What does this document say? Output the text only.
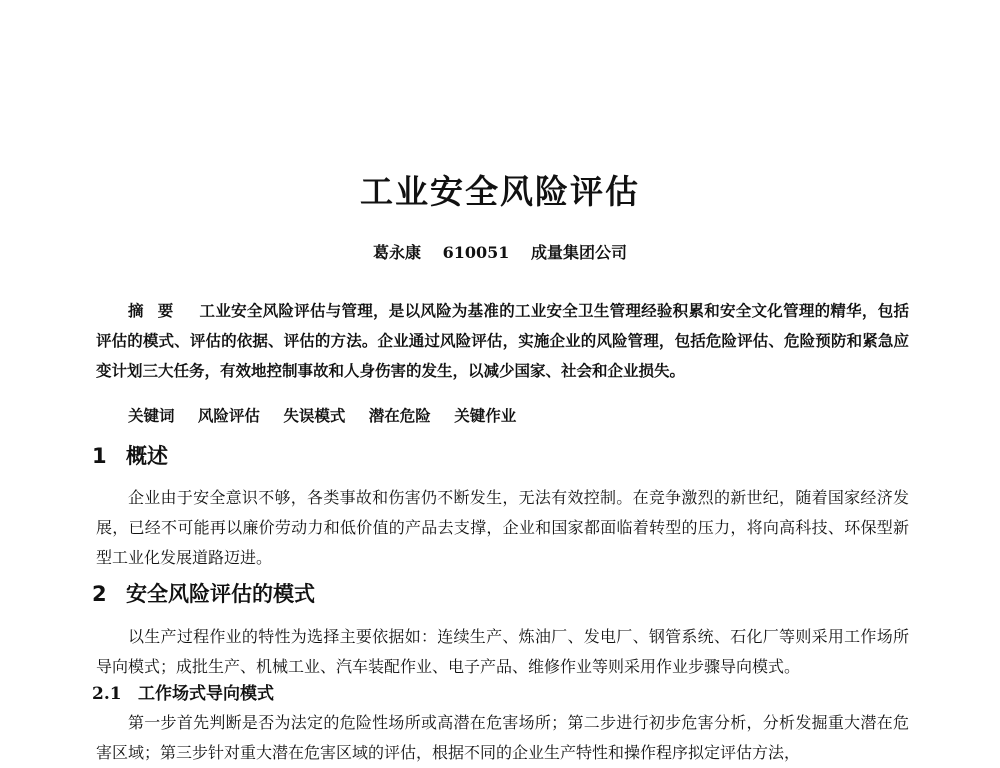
工业安全风险评估
葛永康 610051 成量集团公司
摘要 工业安全风险评估与管理，是以风险为基准的工业安全卫生管理经验积累和安全文化管理的精华，包括评估的模式、评估的依据、评估的方法。企业通过风险评估，实施企业的风险管理，包括危险评估、危险预防和紧急应变计划三大任务，有效地控制事故和人身伤害的发生，以减少国家、社会和企业损失。
关键词 风险评估 失误模式 潜在危险 关键作业
1 概述
企业由于安全意识不够，各类事故和伤害仍不断发生，无法有效控制。在竞争激烈的新世纪，随着国家经济发展，已经不可能再以廉价劳动力和低价值的产品去支撑，企业和国家都面临着转型的压力，将向高科技、环保型新型工业化发展道路迈进。
2 安全风险评估的模式
以生产过程作业的特性为选择主要依据如：连续生产、炼油厂、发电厂、钢管系统、石化厂等则采用工作场所导向模式；成批生产、机械工业、汽车装配作业、电子产品、维修作业等则采用作业步骤导向模式。
2.1 工作场式导向模式
第一步首先判断是否为法定的危险性场所或高潜在危害场所；第二步进行初步危害分析，分析发掘重大潜在危害区域；第三步针对重大潜在危害区域的评估，根据不同的企业生产特性和操作程序拟定评估方法，
